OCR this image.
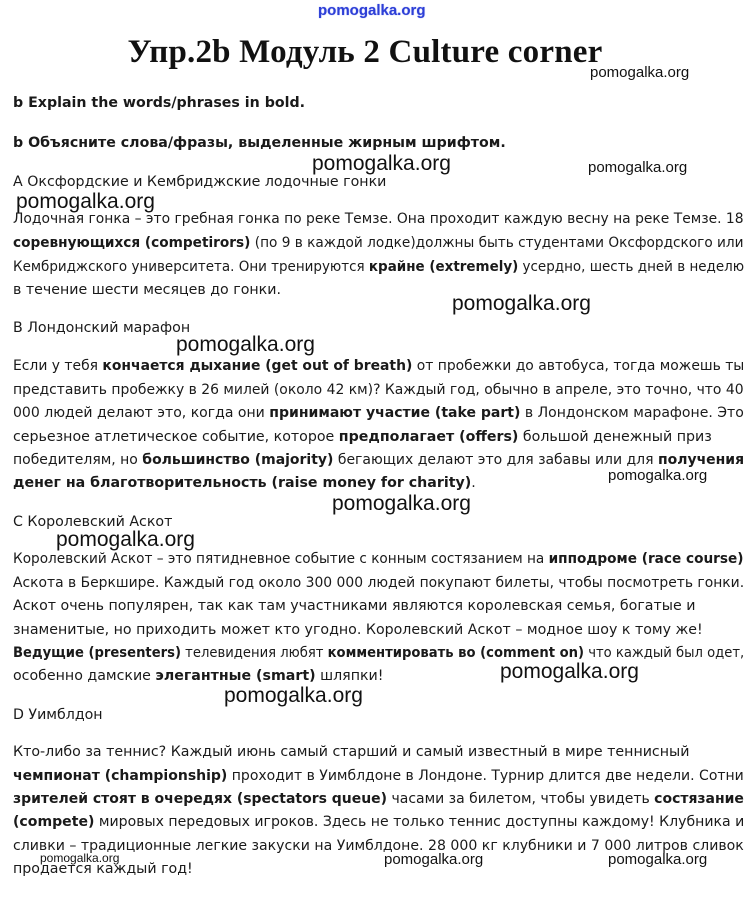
pomogalka.org
pomogalka.org
pomogalka.org	pomogalka.org
pomogalka.org
pomogalka.org
pomogalka.org
pomogalka.org
pomogalka.org
pomogalka.org
pomogalka.org
pomogalka.org
pomogalka.org	pomogalka.org	pomogalka.org
Упр.2b Модуль 2 Culture corner
b Explain the words/phrases in bold.
b Объясните слова/фразы, выделенные жирным шрифтом.
A Оксфордские и Кембриджские лодочные гонки
Лодочная гонка – это гребная гонка по реке Темзе. Она проходит каждую весну на реке Темзе. 18
соревнующихся (competirors) (по 9 в каждой лодке)должны быть студентами Оксфордского или
Кембриджского университета. Они тренируются крайне (extremely) усердно, шесть дней в неделю
в течение шести месяцев до гонки.
B Лондонский марафон
Если у тебя кончается дыхание (get out of breath) от пробежки до автобуса, тогда можешь ты
представить пробежку в 26 милей (около 42 км)? Каждый год, обычно в апреле, это точно, что 40
000 людей делают это, когда они принимают участие (take part) в Лондонском марафоне. Это
серьезное атлетическое событие, которое предполагает (offers) большой денежный приз
победителям, но большинство (majority) бегающих делают это для забавы или для получения
денег на благотворительность (raise money for charity).
C Королевский Аскот
Королевский Аскот – это пятидневное событие с конным состязанием на ипподроме (race course)
Аскота в Беркшире. Каждый год около 300 000 людей покупают билеты, чтобы посмотреть гонки.
Аскот очень популярен, так как там участниками являются королевская семья, богатые и
знаменитые, но приходить может кто угодно. Королевский Аскот – модное шоу к тому же!
Ведущие (presenters) телевидения любят комментировать во (comment on) что каждый был одет,
особенно дамские элегантные (smart) шляпки!
D Уимблдон
Кто-либо за теннис? Каждый июнь самый старший и самый известный в мире теннисный
чемпионат (championship) проходит в Уимблдоне в Лондоне. Турнир длится две недели. Сотни
зрителей стоят в очередях (spectators queue) часами за билетом, чтобы увидеть состязание
(compete) мировых передовых игроков. Здесь не только теннис доступны каждому! Клубника и
сливки – традиционные легкие закуски на Уимблдоне. 28 000 кг клубники и 7 000 литров сливок
продается каждый год!
